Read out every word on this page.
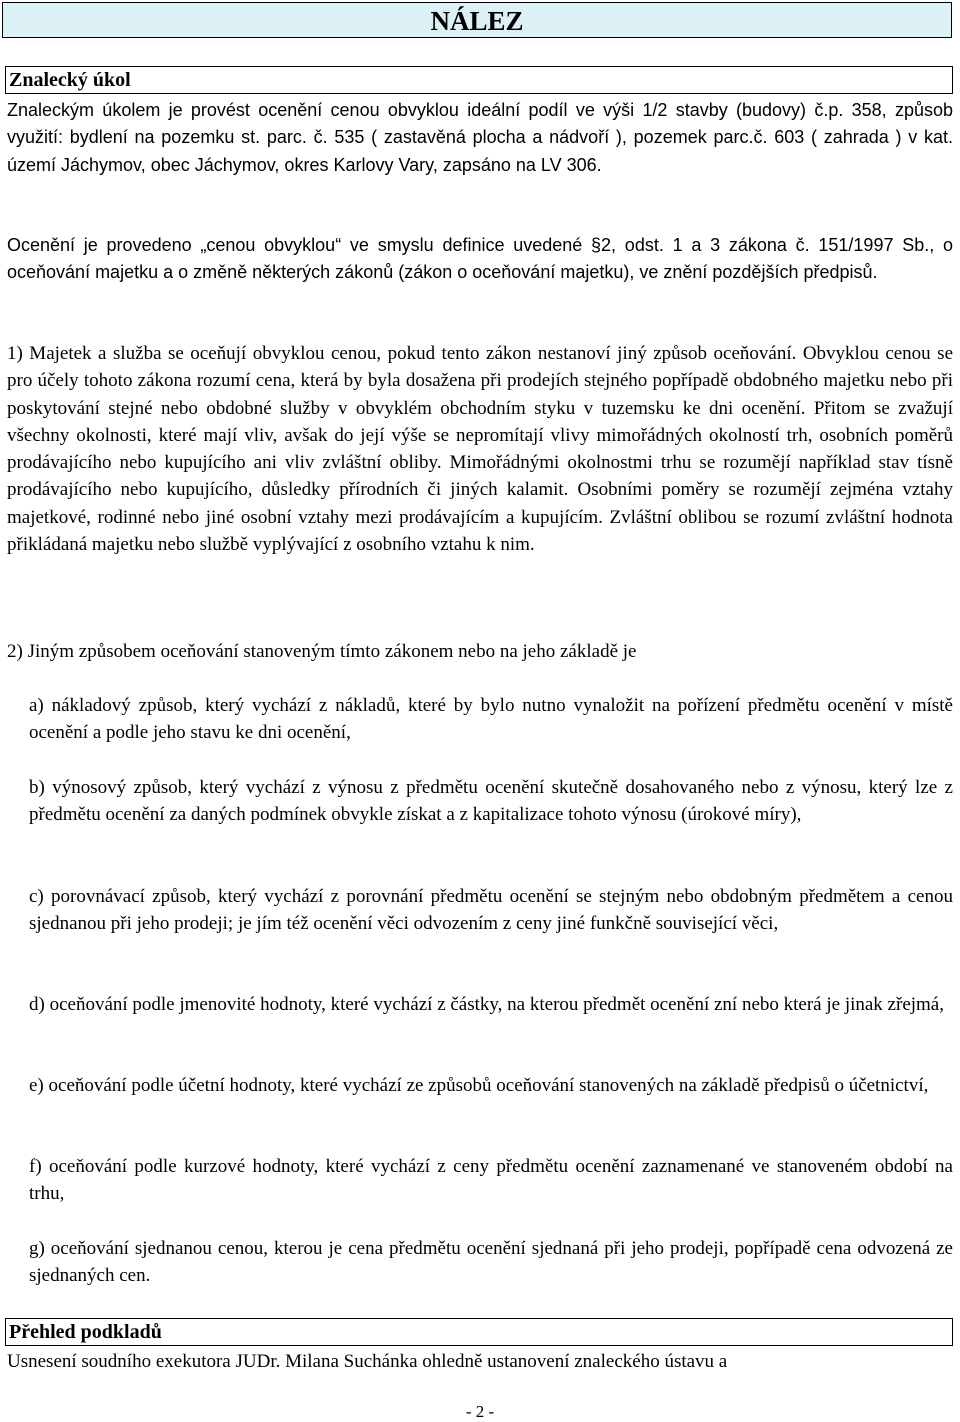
NÁLEZ
Znalecký úkol

Znaleckým úkolem je provést ocenění cenou obvyklou ideální podíl ve výši 1/2 stavby (budovy) č.p. 358, způsob využití: bydlení na pozemku st. parc. č. 535 ( zastavěná plocha a nádvoří ), pozemek parc.č. 603 ( zahrada ) v kat. území Jáchymov, obec Jáchymov, okres Karlovy Vary, zapsáno na LV 306.

Ocenění je provedeno „cenou obvyklou“ ve smyslu definice uvedené §2, odst. 1 a 3 zákona č. 151/1997 Sb., o oceňování majetku a o změně některých zákonů (zákon o oceňování majetku), ve znění pozdějších předpisů.

1) Majetek a služba se oceňují obvyklou cenou, pokud tento zákon nestanoví jiný způsob oceňování. Obvyklou cenou se pro účely tohoto zákona rozumí cena, která by byla dosažena při prodejích stejného popřípadě obdobného majetku nebo při poskytování stejné nebo obdobné služby v obvyklém obchodním styku v tuzemsku ke dni ocenění. Přitom se zvažují všechny okolnosti, které mají vliv, avšak do její výše se nepromítají vlivy mimořádných okolností trh, osobních poměrů prodávajícího nebo kupujícího ani vliv zvláštní obliby. Mimořádnými okolnostmi trhu se rozumějí například stav tísně prodávajícího nebo kupujícího, důsledky přírodních či jiných kalamit. Osobními poměry se rozumějí zejména vztahy majetkové, rodinné nebo jiné osobní vztahy mezi prodávajícím a kupujícím. Zvláštní oblibou se rozumí zvláštní hodnota přikládaná majetku nebo službě vyplývající z osobního vztahu k nim.

2) Jiným způsobem oceňování stanoveným tímto zákonem nebo na jeho základě je

a) nákladový způsob, který vychází z nákladů, které by bylo nutno vynaložit na pořízení předmětu ocenění v místě ocenění a podle jeho stavu ke dni ocenění,

b) výnosový způsob, který vychází z výnosu z předmětu ocenění skutečně dosahovaného nebo z výnosu, který lze z předmětu ocenění za daných podmínek obvykle získat a z kapitalizace tohoto výnosu (úrokové míry),

c) porovnávací způsob, který vychází z porovnání předmětu ocenění se stejným nebo obdobným předmětem a cenou sjednanou při jeho prodeji; je jím též ocenění věci odvozením z ceny jiné funkčně související věci,

d) oceňování podle jmenovité hodnoty, které vychází z částky, na kterou předmět ocenění zní nebo která je jinak zřejmá,

e) oceňování podle účetní hodnoty, které vychází ze způsobů oceňování stanovených na základě předpisů o účetnictví,

f) oceňování podle kurzové hodnoty, které vychází z ceny předmětu ocenění zaznamenané ve stanoveném období na trhu,

g) oceňování sjednanou cenou, kterou je cena předmětu ocenění sjednaná při jeho prodeji, popřípadě cena odvozená ze sjednaných cen.

Přehled podkladů

Usnesení soudního exekutora JUDr. Milana Suchánka ohledně ustanovení znaleckého ústavu a

- 2 -
